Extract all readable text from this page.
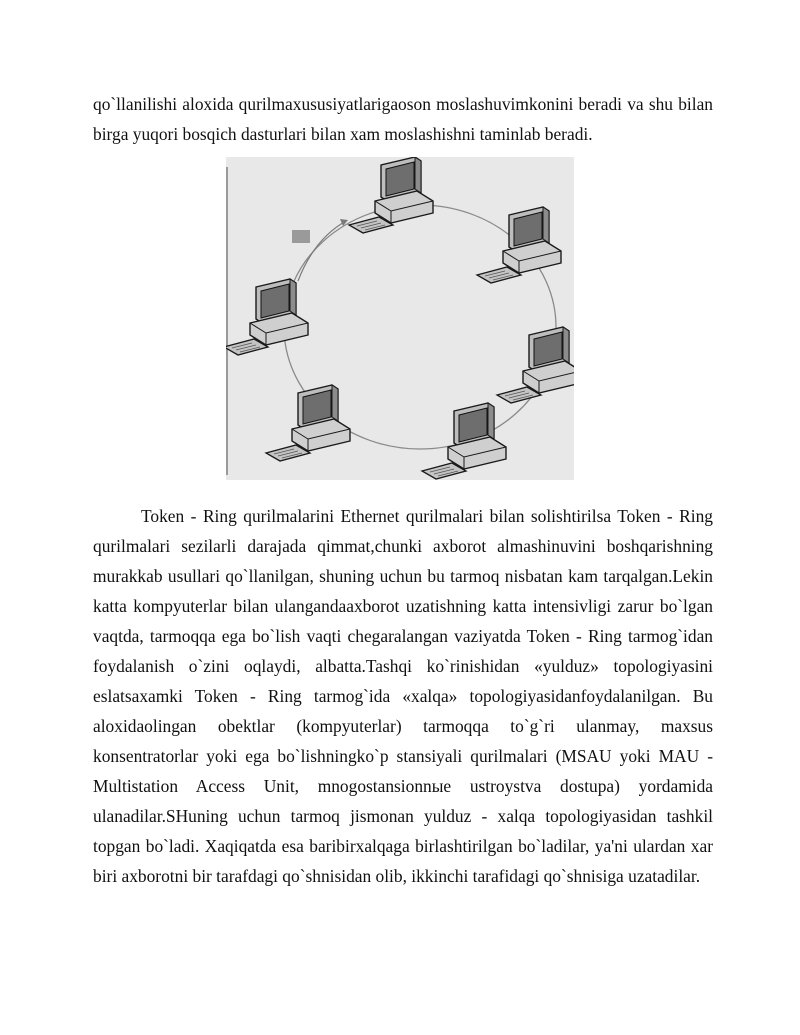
qo`llanilishi aloxida qurilmaxususiyatlarigaoson moslashuvimkonini beradi va shu bilan birga yuqori bosqich dasturlari bilan xam moslashishni taminlab beradi.

Token - Ring qurilmalarini Ethernet qurilmalari bilan solishtirilsa Token - Ring qurilmalari sezilarli darajada qimmat,chunki axborot almashinuvini boshqarishning murakkab usullari qo`llanilgan, shuning uchun bu tarmoq nisbatan kam tarqalgan.Lekin katta kompyuterlar bilan ulangandaaxborot uzatishning katta intensivligi zarur bo`lgan vaqtda, tarmoqqa ega bo`lish vaqti chegaralangan vaziyatda Token - Ring tarmog`idan foydalanish o`zini oqlaydi, albatta.Tashqi ko`rinishidan «yulduz» topologiyasini eslatsaxamki Token - Ring tarmog`ida «xalqa» topologiyasidanfoydalanilgan. Bu aloxidaolingan obektlar (kompyuterlar) tarmoqqa to`g`ri ulanmay, maxsus konsentratorlar yoki ega bo`lishningko`p stansiyali qurilmalari (MSAU yoki MAU - Multistation Access Unit, mnogostansionnыe ustroystva dostupa) yordamida ulanadilar.SHuning uchun tarmoq jismonan yulduz - xalqa topologiyasidan tashkil topgan bo`ladi. Xaqiqatda esa baribirxalqaga birlashtirilgan bo`ladilar, ya'ni ulardan xar biri axborotni bir tarafdagi qo`shnisidan olib, ikkinchi tarafidagi qo`shnisiga uzatadilar.
